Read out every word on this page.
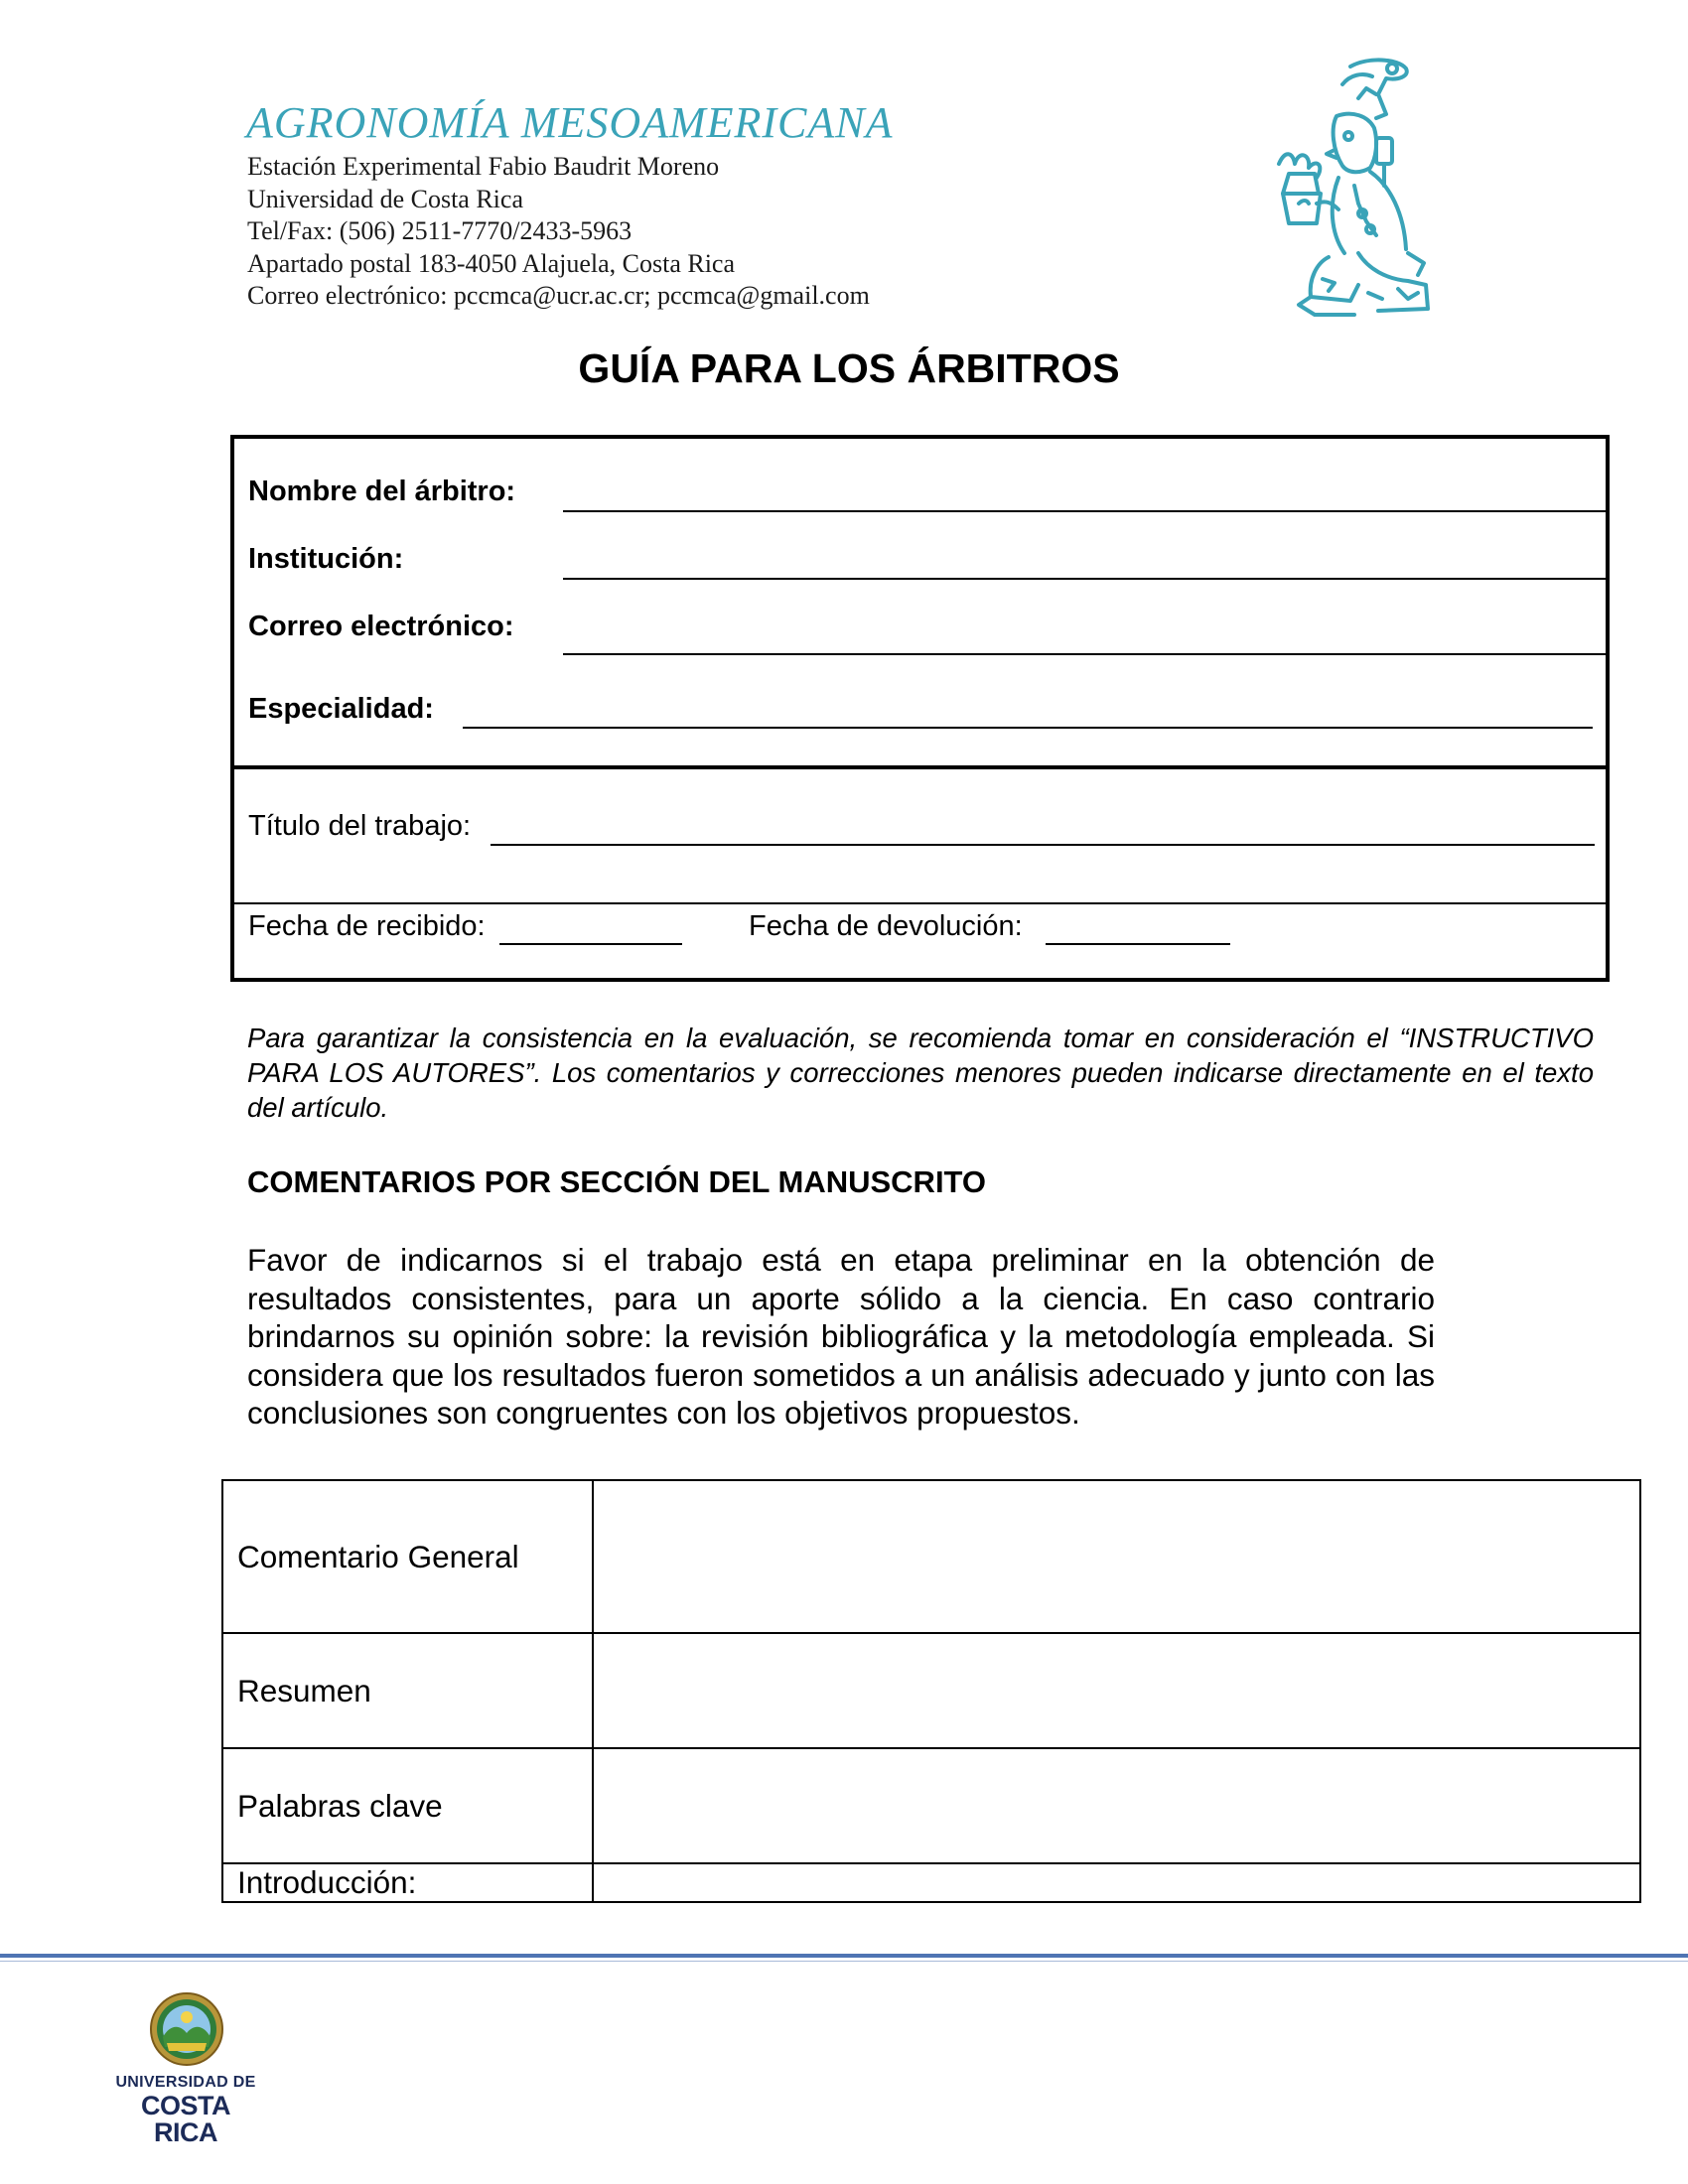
AGRONOMÍA MESOAMERICANA
Estación Experimental Fabio Baudrit Moreno
Universidad de Costa Rica
Tel/Fax: (506) 2511-7770/2433-5963
Apartado postal 183-4050 Alajuela, Costa Rica
Correo electrónico: pccmca@ucr.ac.cr; pccmca@gmail.com
GUÍA PARA LOS ÁRBITROS
Nombre del árbitro:
Institución:
Correo electrónico:
Especialidad:
Título del trabajo:
Fecha de recibido:	Fecha de devolución:
Para garantizar la consistencia en la evaluación, se recomienda tomar en consideración el “INSTRUCTIVO PARA LOS AUTORES”. Los comentarios y correcciones menores pueden indicarse directamente en el texto del artículo.
COMENTARIOS POR SECCIÓN DEL MANUSCRITO
Favor de indicarnos si el trabajo está en etapa preliminar en la obtención de resultados consistentes, para un aporte sólido a la ciencia. En caso contrario brindarnos su opinión sobre: la revisión bibliográfica y la metodología empleada. Si considera que los resultados fueron sometidos a un análisis adecuado y junto con las conclusiones son congruentes con los objetivos propuestos.
Comentario General	

Resumen	

Palabras clave	

Introducción:	

UNIVERSIDAD DE
COSTA RICA
